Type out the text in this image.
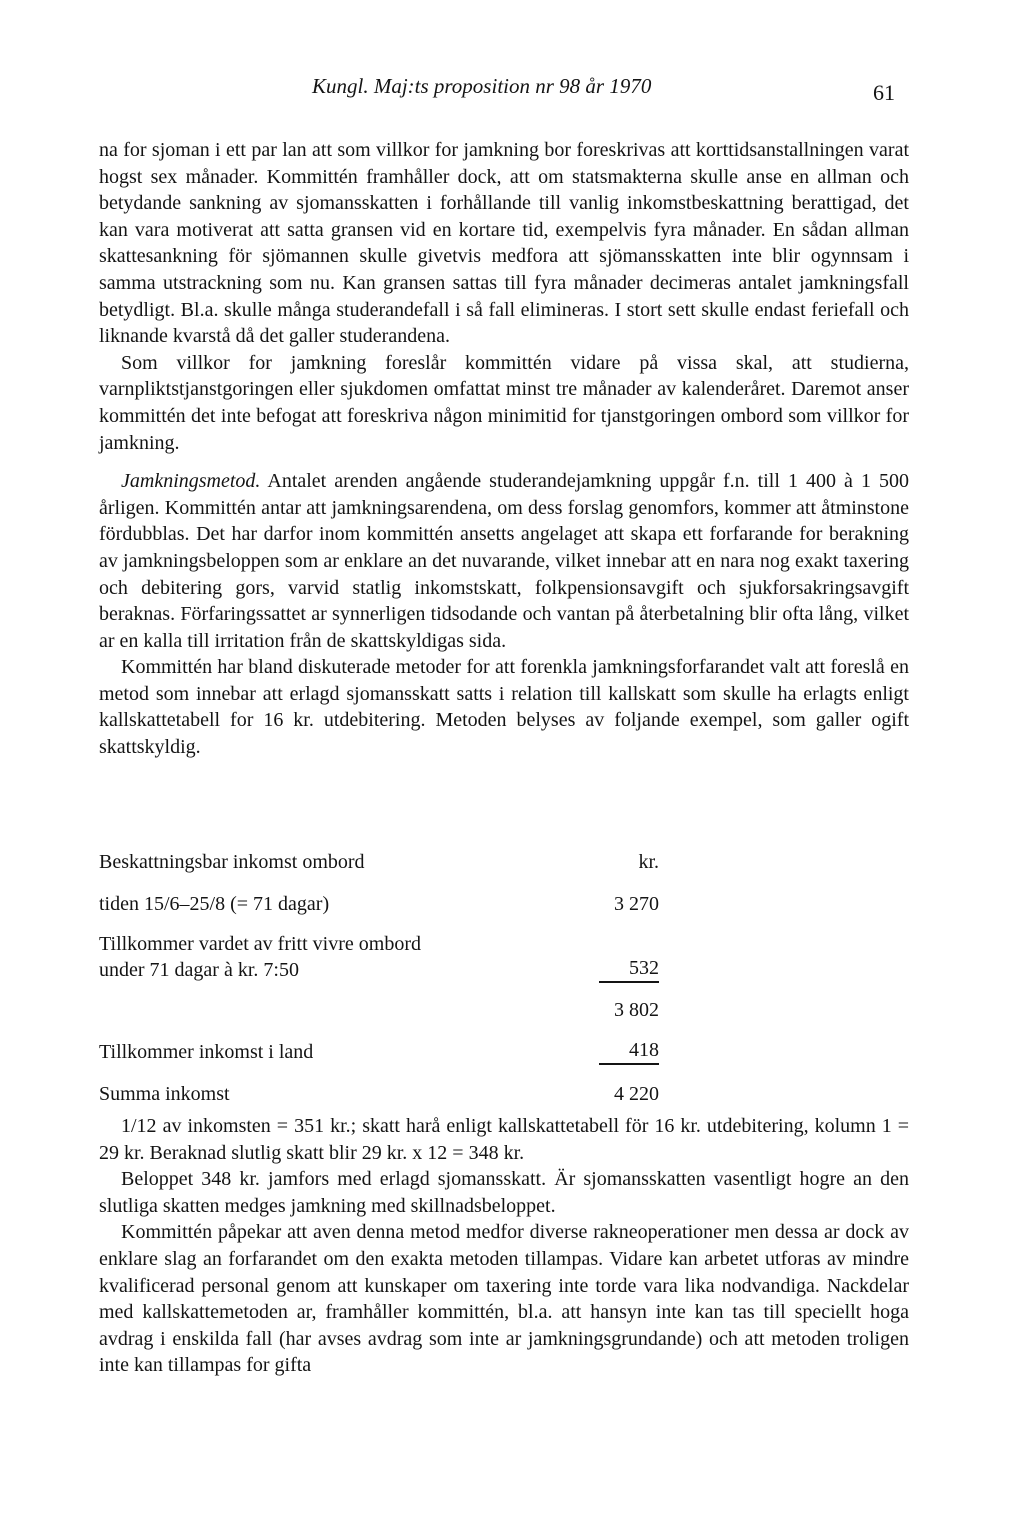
Kungl. Maj:ts proposition nr 98 år 1970	61

na for sjoman i ett par lan att som villkor for jamkning bor foreskrivas att korttidsanstallningen varat hogst sex månader. Kommittén framhåller dock, att om statsmakterna skulle anse en allman och betydande sankning av sjomansskatten i forhållande till vanlig inkomstbeskattning berattigad, det kan vara motiverat att satta gransen vid en kortare tid, exempelvis fyra månader. En sådan allman skattesankning för sjömannen skulle givetvis medfora att sjömansskatten inte blir ogynnsam i samma utstrackning som nu. Kan gransen sattas till fyra månader decimeras antalet jamkningsfall betydligt. Bl.a. skulle många studerandefall i så fall elimineras. I stort sett skulle endast feriefall och liknande kvarstå då det galler studerandena.

Som villkor for jamkning foreslår kommittén vidare på vissa skal, att studierna, varnpliktstjanstgoringen eller sjukdomen omfattat minst tre månader av kalenderåret. Daremot anser kommittén det inte befogat att foreskriva någon minimitid for tjanstgoringen ombord som villkor for jamkning.

Jamkningsmetod. Antalet arenden angående studerandejamkning uppgår f.n. till 1 400 à 1 500 årligen. Kommittén antar att jamkningsarendena, om dess forslag genomfors, kommer att åtminstone fördubblas. Det har darfor inom kommittén ansetts angelaget att skapa ett forfarande for berakning av jamkningsbeloppen som ar enklare an det nuvarande, vilket innebar att en nara nog exakt taxering och debitering gors, varvid statlig inkomstskatt, folkpensionsavgift och sjukforsakringsavgift beraknas. Förfaringssattet ar synnerligen tidsodande och vantan på återbetalning blir ofta lång, vilket ar en kalla till irritation från de skattskyldigas sida.

Kommittén har bland diskuterade metoder for att forenkla jamkningsforfarandet valt att foreslå en metod som innebar att erlagd sjomansskatt satts i relation till kallskatt som skulle ha erlagts enligt kallskattetabell for 16 kr. utdebitering. Metoden belyses av foljande exempel, som galler ogift skattskyldig.

Beskattningsbar inkomst ombord	kr.
tiden 15/6–25/8 (= 71 dagar)	3 270
Tillkommer vardet av fritt vivre ombord under 71 dagar à kr. 7:50	532
3 802
Tillkommer inkomst i land	418
Summa inkomst	4 220

1/12 av inkomsten = 351 kr.; skatt harå enligt kallskattetabell för 16 kr. utdebitering, kolumn 1 = 29 kr. Beraknad slutlig skatt blir 29 kr. x 12 = 348 kr.

Beloppet 348 kr. jamfors med erlagd sjomansskatt. Är sjomansskatten vasentligt hogre an den slutliga skatten medges jamkning med skillnadsbeloppet.

Kommittén påpekar att aven denna metod medfor diverse rakneoperationer men dessa ar dock av enklare slag an forfarandet om den exakta metoden tillampas. Vidare kan arbetet utforas av mindre kvalificerad personal genom att kunskaper om taxering inte torde vara lika nodvandiga. Nackdelar med kallskattemetoden ar, framhåller kommittén, bl.a. att hansyn inte kan tas till speciellt hoga avdrag i enskilda fall (har avses avdrag som inte ar jamkningsgrundande) och att metoden troligen inte kan tillampas for gifta
